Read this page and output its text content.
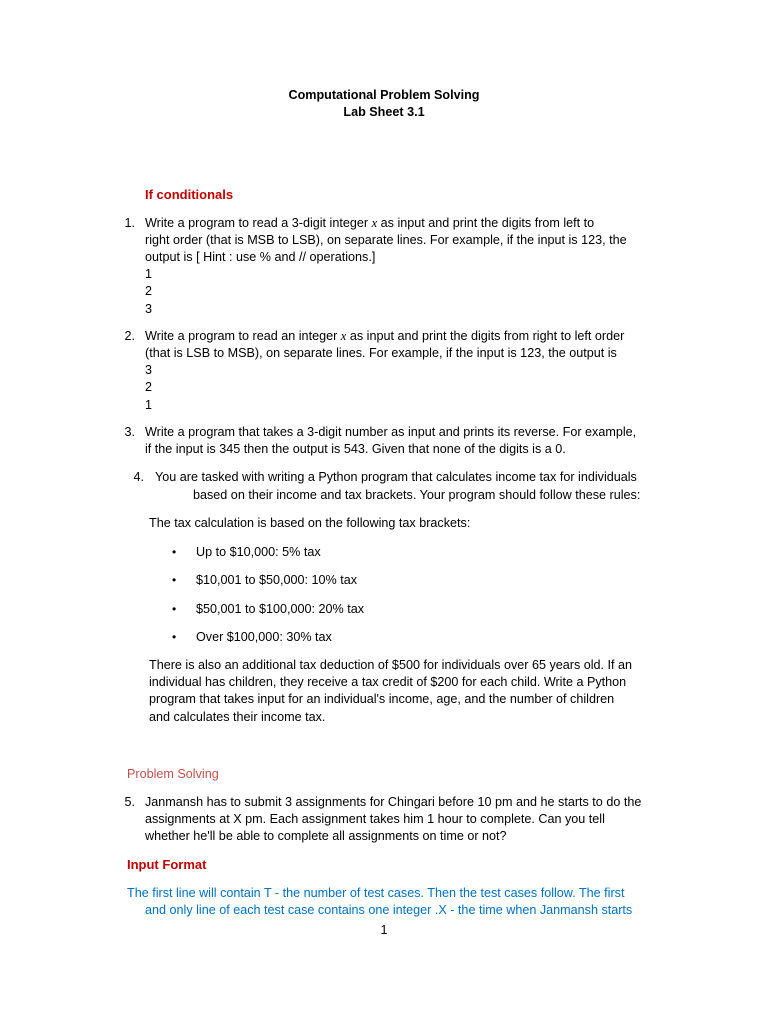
Computational Problem Solving
Lab Sheet 3.1
If conditionals
1. Write a program to read a 3-digit integer x as input and print the digits from left to
right order (that is MSB to LSB), on separate lines. For example, if the input is 123, the
output is [ Hint : use % and // operations.]
1
2
3
2. Write a program to read an integer x as input and print the digits from right to left order
(that is LSB to MSB), on separate lines. For example, if the input is 123, the output is
3
2
1
3. Write a program that takes a 3-digit number as input and prints its reverse. For example,
if the input is 345 then the output is 543. Given that none of the digits is a 0.
4. You are tasked with writing a Python program that calculates income tax for individuals
based on their income and tax brackets. Your program should follow these rules:
The tax calculation is based on the following tax brackets:
• Up to $10,000: 5% tax
• $10,001 to $50,000: 10% tax
• $50,001 to $100,000: 20% tax
• Over $100,000: 30% tax
There is also an additional tax deduction of $500 for individuals over 65 years old. If an
individual has children, they receive a tax credit of $200 for each child. Write a Python
program that takes input for an individual's income, age, and the number of children
and calculates their income tax.
Problem Solving
5. Janmansh has to submit 3 assignments for Chingari before 10 pm and he starts to do the
assignments at X pm. Each assignment takes him 1 hour to complete. Can you tell
whether he'll be able to complete all assignments on time or not?
Input Format
The first line will contain T - the number of test cases. Then the test cases follow. The first
and only line of each test case contains one integer .X - the time when Janmansh starts
1
